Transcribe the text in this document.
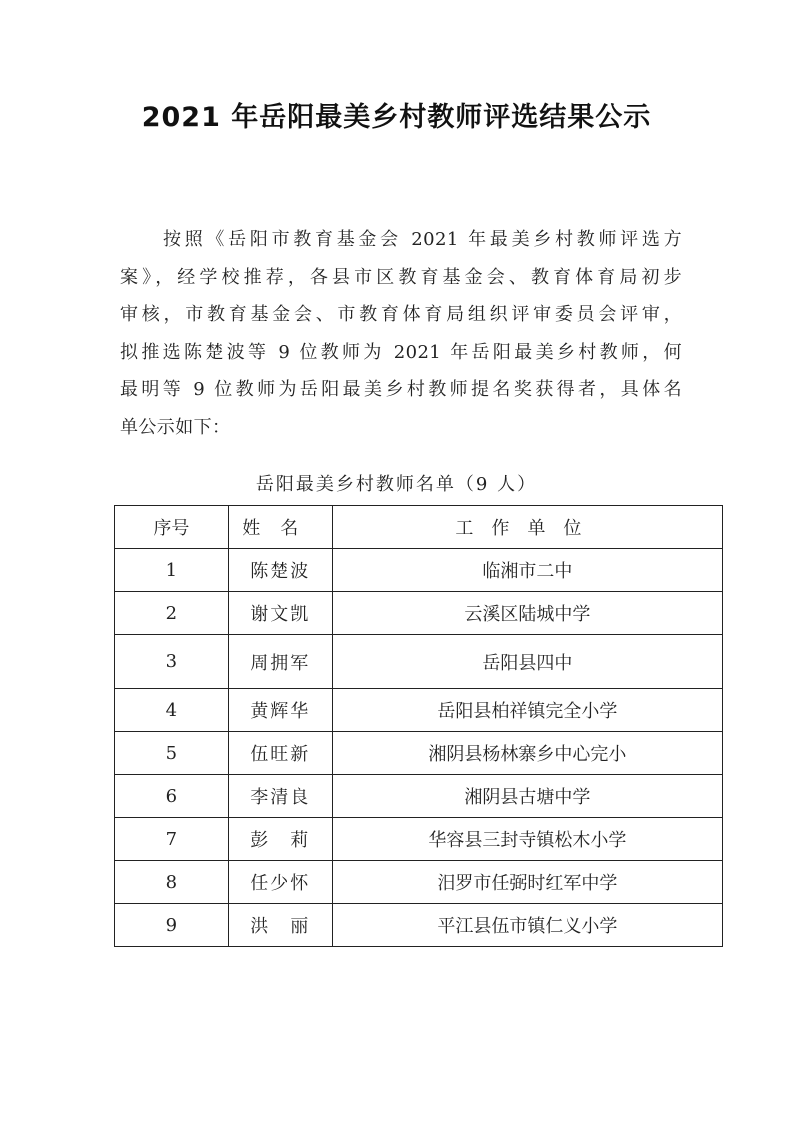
2021 年岳阳最美乡村教师评选结果公示
按照《岳阳市教育基金会 2021 年最美乡村教师评选方
案》，经学校推荐，各县市区教育基金会、教育体育局初步
审核，市教育基金会、市教育体育局组织评审委员会评审，
拟推选陈楚波等 9 位教师为 2021 年岳阳最美乡村教师，何
最明等 9 位教师为岳阳最美乡村教师提名奖获得者，具体名
单公示如下：
岳阳最美乡村教师名单（9 人）
序号	姓名	工作单位
1	陈楚波	临湘市二中
2	谢文凯	云溪区陆城中学
3	周拥军	岳阳县四中
4	黄辉华	岳阳县柏祥镇完全小学
5	伍旺新	湘阴县杨林寨乡中心完小
6	李清良	湘阴县古塘中学
7	彭　莉	华容县三封寺镇松木小学
8	任少怀	汨罗市任弼时红军中学
9	洪　丽	平江县伍市镇仁义小学
